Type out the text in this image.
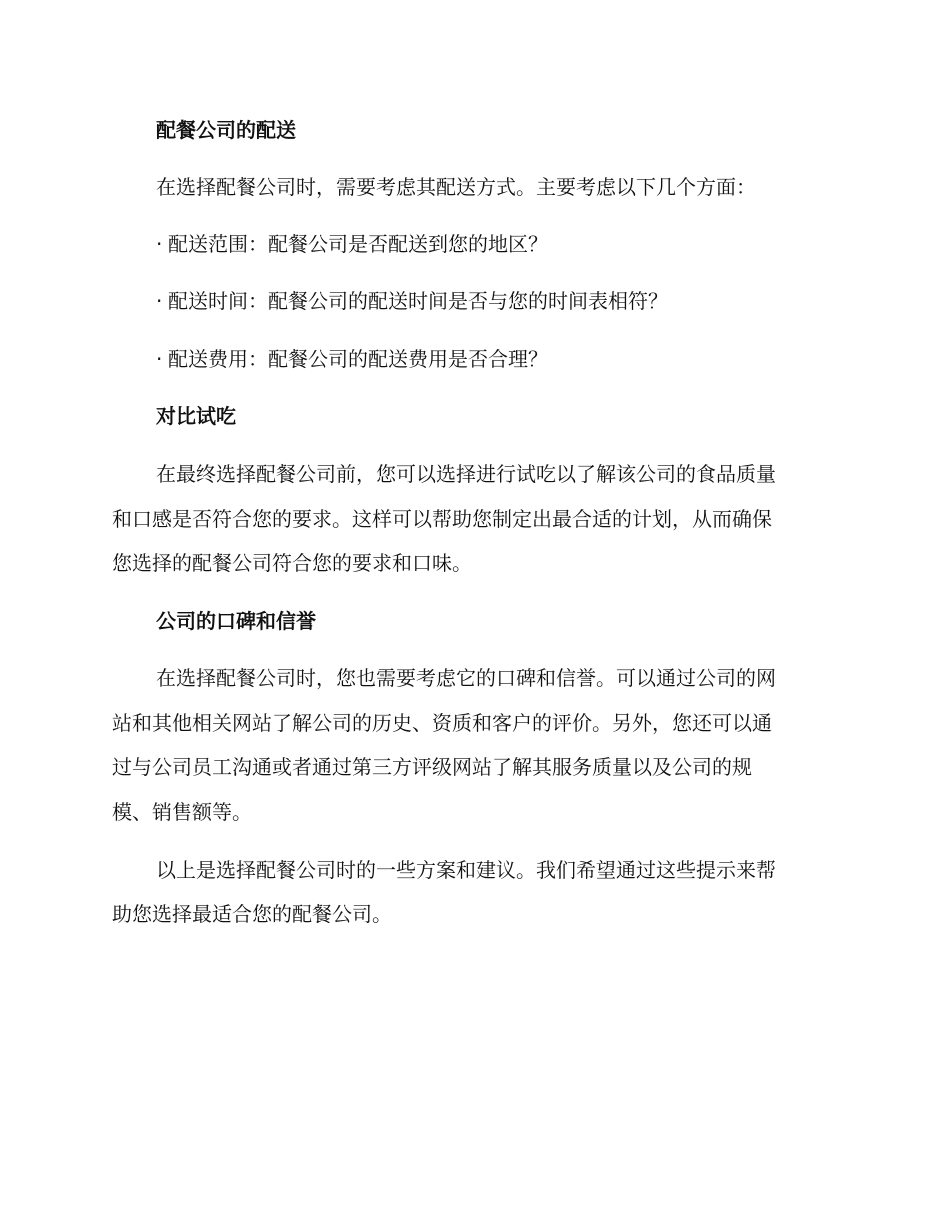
配餐公司的配送
在选择配餐公司时，需要考虑其配送方式。主要考虑以下几个方面：
· 配送范围：配餐公司是否配送到您的地区？
· 配送时间：配餐公司的配送时间是否与您的时间表相符？
· 配送费用：配餐公司的配送费用是否合理？
对比试吃
在最终选择配餐公司前，您可以选择进行试吃以了解该公司的食品质量
和口感是否符合您的要求。这样可以帮助您制定出最合适的计划，从而确保
您选择的配餐公司符合您的要求和口味。
公司的口碑和信誉
在选择配餐公司时，您也需要考虑它的口碑和信誉。可以通过公司的网
站和其他相关网站了解公司的历史、资质和客户的评价。另外，您还可以通
过与公司员工沟通或者通过第三方评级网站了解其服务质量以及公司的规
模、销售额等。
以上是选择配餐公司时的一些方案和建议。我们希望通过这些提示来帮
助您选择最适合您的配餐公司。
